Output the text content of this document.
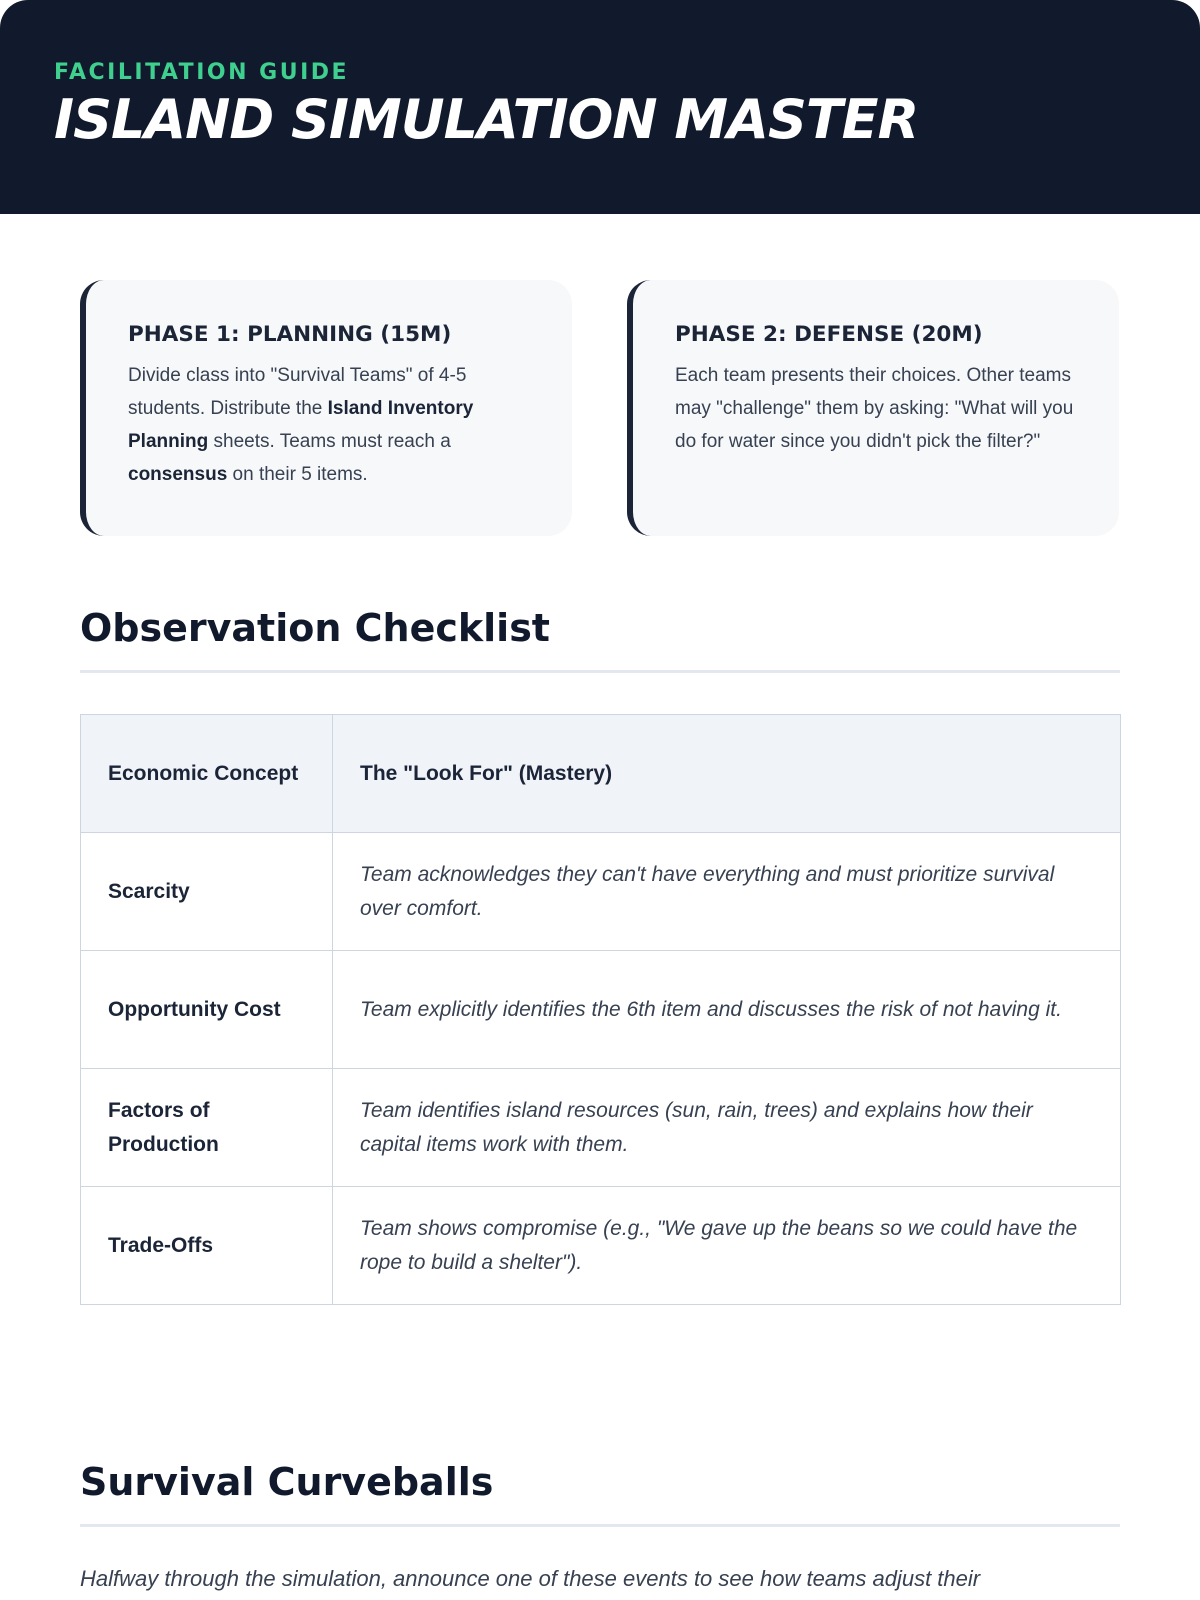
FACILITATION GUIDE
ISLAND SIMULATION MASTER
PHASE 1: PLANNING (15M)

Divide class into "Survival Teams" of 4-5 students. Distribute the Island Inventory Planning sheets. Teams must reach a consensus on their 5 items.

PHASE 2: DEFENSE (20M)

Each team presents their choices. Other teams may "challenge" them by asking: "What will you do for water since you didn't pick the filter?"

Observation Checklist
Economic Concept	The "Look For" (Mastery)
Scarcity	Team acknowledges they can't have everything and must prioritize survival over comfort.
Opportunity Cost	Team explicitly identifies the 6th item and discusses the risk of not having it.
Factors of Production	Team identifies island resources (sun, rain, trees) and explains how their capital items work with them.
Trade-Offs	Team shows compromise (e.g., "We gave up the beans so we could have the rope to build a shelter").
Survival Curveballs

Halfway through the simulation, announce one of these events to see how teams adjust their
